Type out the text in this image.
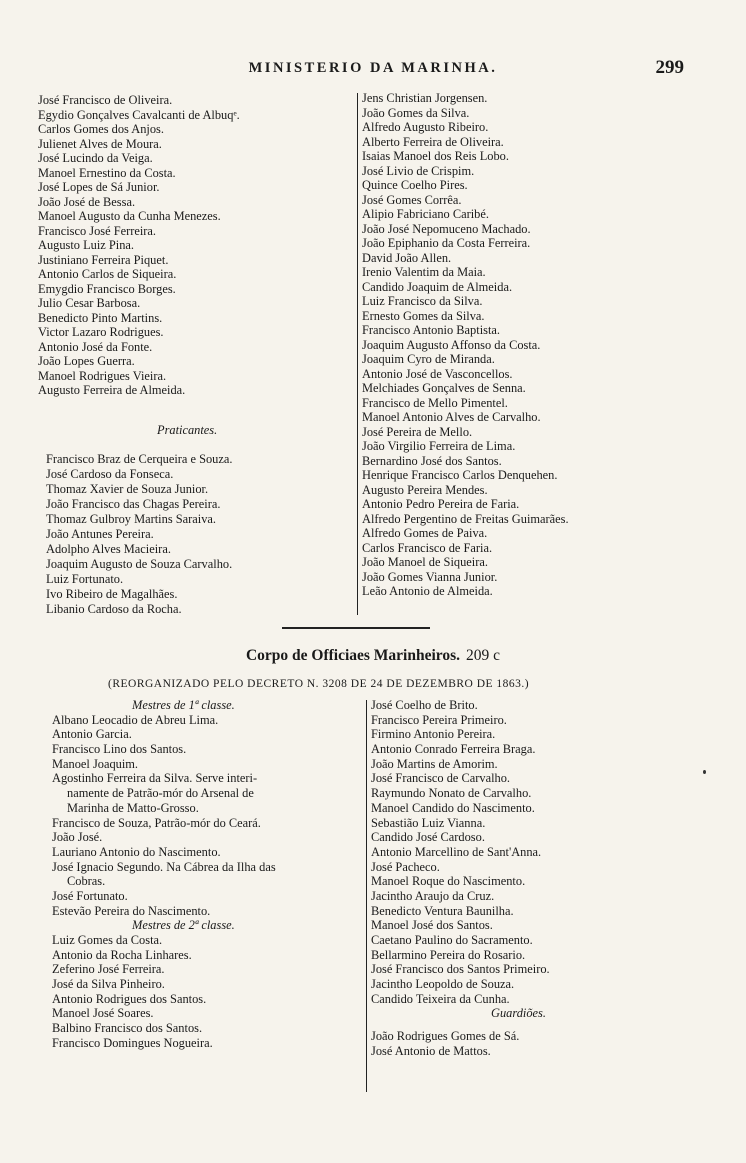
MINISTERIO DA MARINHA.	299
José Francisco de Oliveira.
Egydio Gonçalves Cavalcanti de Albuqᵉ.
Carlos Gomes dos Anjos.
Julienet Alves de Moura.
José Lucindo da Veiga.
Manoel Ernestino da Costa.
José Lopes de Sá Junior.
João José de Bessa.
Manoel Augusto da Cunha Menezes.
Francisco José Ferreira.
Augusto Luiz Pina.
Justiniano Ferreira Piquet.
Antonio Carlos de Siqueira.
Emygdio Francisco Borges.
Julio Cesar Barbosa.
Benedicto Pinto Martins.
Victor Lazaro Rodrigues.
Antonio José da Fonte.
João Lopes Guerra.
Manoel Rodrigues Vieira.
Augusto Ferreira de Almeida.
Praticantes.
Francisco Braz de Cerqueira e Souza.
José Cardoso da Fonseca.
Thomaz Xavier de Souza Junior.
João Francisco das Chagas Pereira.
Thomaz Gulbroy Martins Saraiva.
João Antunes Pereira.
Adolpho Alves Macieira.
Joaquim Augusto de Souza Carvalho.
Luiz Fortunato.
Ivo Ribeiro de Magalhães.
Libanio Cardoso da Rocha.
Jens Christian Jorgensen.
João Gomes da Silva.
Alfredo Augusto Ribeiro.
Alberto Ferreira de Oliveira.
Isaias Manoel dos Reis Lobo.
José Livio de Crispim.
Quince Coelho Pires.
José Gomes Corrêa.
Alipio Fabriciano Caribé.
João José Nepomuceno Machado.
João Epiphanio da Costa Ferreira.
David João Allen.
Irenio Valentim da Maia.
Candido Joaquim de Almeida.
Luiz Francisco da Silva.
Ernesto Gomes da Silva.
Francisco Antonio Baptista.
Joaquim Augusto Affonso da Costa.
Joaquim Cyro de Miranda.
Antonio José de Vasconcellos.
Melchiades Gonçalves de Senna.
Francisco de Mello Pimentel.
Manoel Antonio Alves de Carvalho.
José Pereira de Mello.
João Virgilio Ferreira de Lima.
Bernardino José dos Santos.
Henrique Francisco Carlos Denquehen.
Augusto Pereira Mendes.
Antonio Pedro Pereira de Faria.
Alfredo Pergentino de Freitas Guimarães.
Alfredo Gomes de Paiva.
Carlos Francisco de Faria.
João Manoel de Siqueira.
João Gomes Vianna Junior.
Leão Antonio de Almeida.
Corpo de Officiaes Marinheiros. 209 c
(REORGANIZADO PELO DECRETO N. 3208 DE 24 DE DEZEMBRO DE 1863.)
Mestres de 1ª classe.
Albano Leocadio de Abreu Lima.
Antonio Garcia.
Francisco Lino dos Santos.
Manoel Joaquim.
Agostinho Ferreira da Silva. Serve interi-
namente de Patrão-mór do Arsenal de
Marinha de Matto-Grosso.
Francisco de Souza, Patrão-mór do Ceará.
João José.
Lauriano Antonio do Nascimento.
José Ignacio Segundo. Na Cábrea da Ilha das
Cobras.
José Fortunato.
Estevão Pereira do Nascimento.
Mestres de 2ª classe.
Luiz Gomes da Costa.
Antonio da Rocha Linhares.
Zeferino José Ferreira.
José da Silva Pinheiro.
Antonio Rodrigues dos Santos.
Manoel José Soares.
Balbino Francisco dos Santos.
Francisco Domingues Nogueira.
José Coelho de Brito.
Francisco Pereira Primeiro.
Firmino Antonio Pereira.
Antonio Conrado Ferreira Braga.
João Martins de Amorim.
José Francisco de Carvalho.
Raymundo Nonato de Carvalho.
Manoel Candido do Nascimento.
Sebastião Luiz Vianna.
Candido José Cardoso.
Antonio Marcellino de Sant'Anna.
José Pacheco.
Manoel Roque do Nascimento.
Jacintho Araujo da Cruz.
Benedicto Ventura Baunilha.
Manoel José dos Santos.
Caetano Paulino do Sacramento.
Bellarmino Pereira do Rosario.
José Francisco dos Santos Primeiro.
Jacintho Leopoldo de Souza.
Candido Teixeira da Cunha.
Guardiões.
João Rodrigues Gomes de Sá.
José Antonio de Mattos.
